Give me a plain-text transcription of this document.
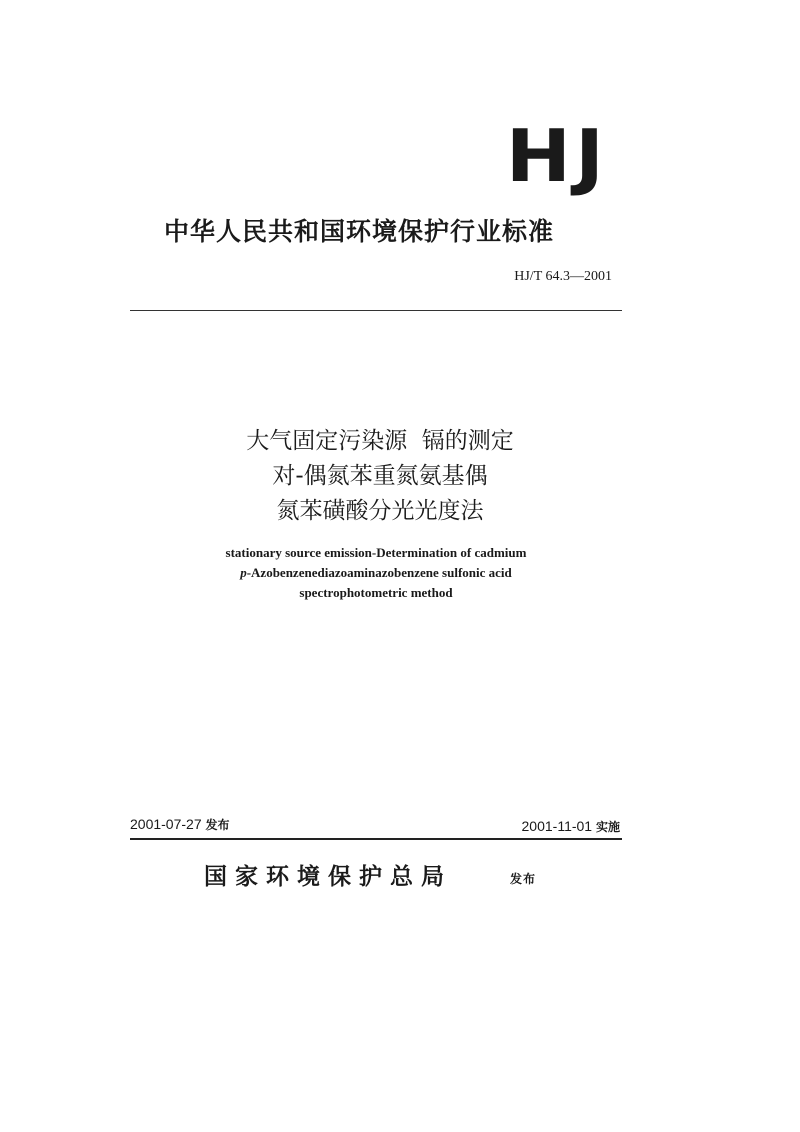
HJ
中华人民共和国环境保护行业标准
HJ/T 64.3—2001
大气固定污染源  镉的测定
对-偶氮苯重氮氨基偶
氮苯磺酸分光光度法
stationary source emission-Determination of cadmium
p-Azobenzenediazoaminazobenzene sulfonic acid
spectrophotometric method
2001-07-27 发布	2001-11-01 实施
国家环境保护总局	发布
